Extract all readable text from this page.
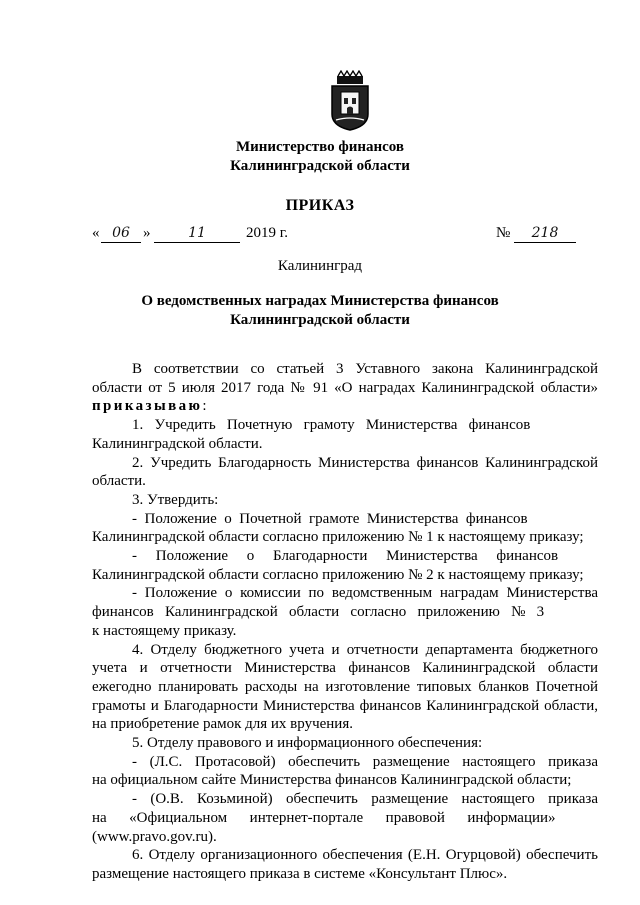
Министерство финансов
Калининградской области
ПРИКАЗ
« 06 »	11	2019 г.	№	218
Калининград
О ведомственных наградах Министерства финансов
Калининградской области

В соответствии со статьей 3 Уставного закона Калининградской

области от 5 июля 2017 года № 91 «О наградах Калининградской области»

приказываю:

1.   Учредить   Почетную   грамоту   Министерства   финансов

Калининградской области.

2. Учредить Благодарность Министерства финансов Калининградской

области.

3. Утвердить:

-  Положение  о  Почетной  грамоте  Министерства  финансов

Калининградской области согласно приложению № 1 к настоящему приказу;

-     Положение     о     Благодарности     Министерства     финансов

Калининградской области согласно приложению № 2 к настоящему приказу;

- Положение о комиссии по ведомственным наградам Министерства

финансов   Калининградской   области   согласно   приложению   №   3

к настоящему приказу.

4. Отделу бюджетного учета и отчетности департамента бюджетного

учета и отчетности Министерства финансов Калининградской области

ежегодно планировать расходы на изготовление типовых бланков Почетной

грамоты и Благодарности Министерства финансов Калининградской области,

на приобретение рамок для их вручения.

5. Отделу правового и информационного обеспечения:

- (Л.С. Протасовой) обеспечить размещение настоящего приказа

на официальном сайте Министерства финансов Калининградской области;

- (О.В. Козьминой) обеспечить размещение настоящего приказа

на      «Официальном      интернет-портале      правовой      информации»

(www.pravo.gov.ru).

6. Отделу организационного обеспечения (Е.Н. Огурцовой) обеспечить

размещение настоящего приказа в системе «Консультант Плюс».
